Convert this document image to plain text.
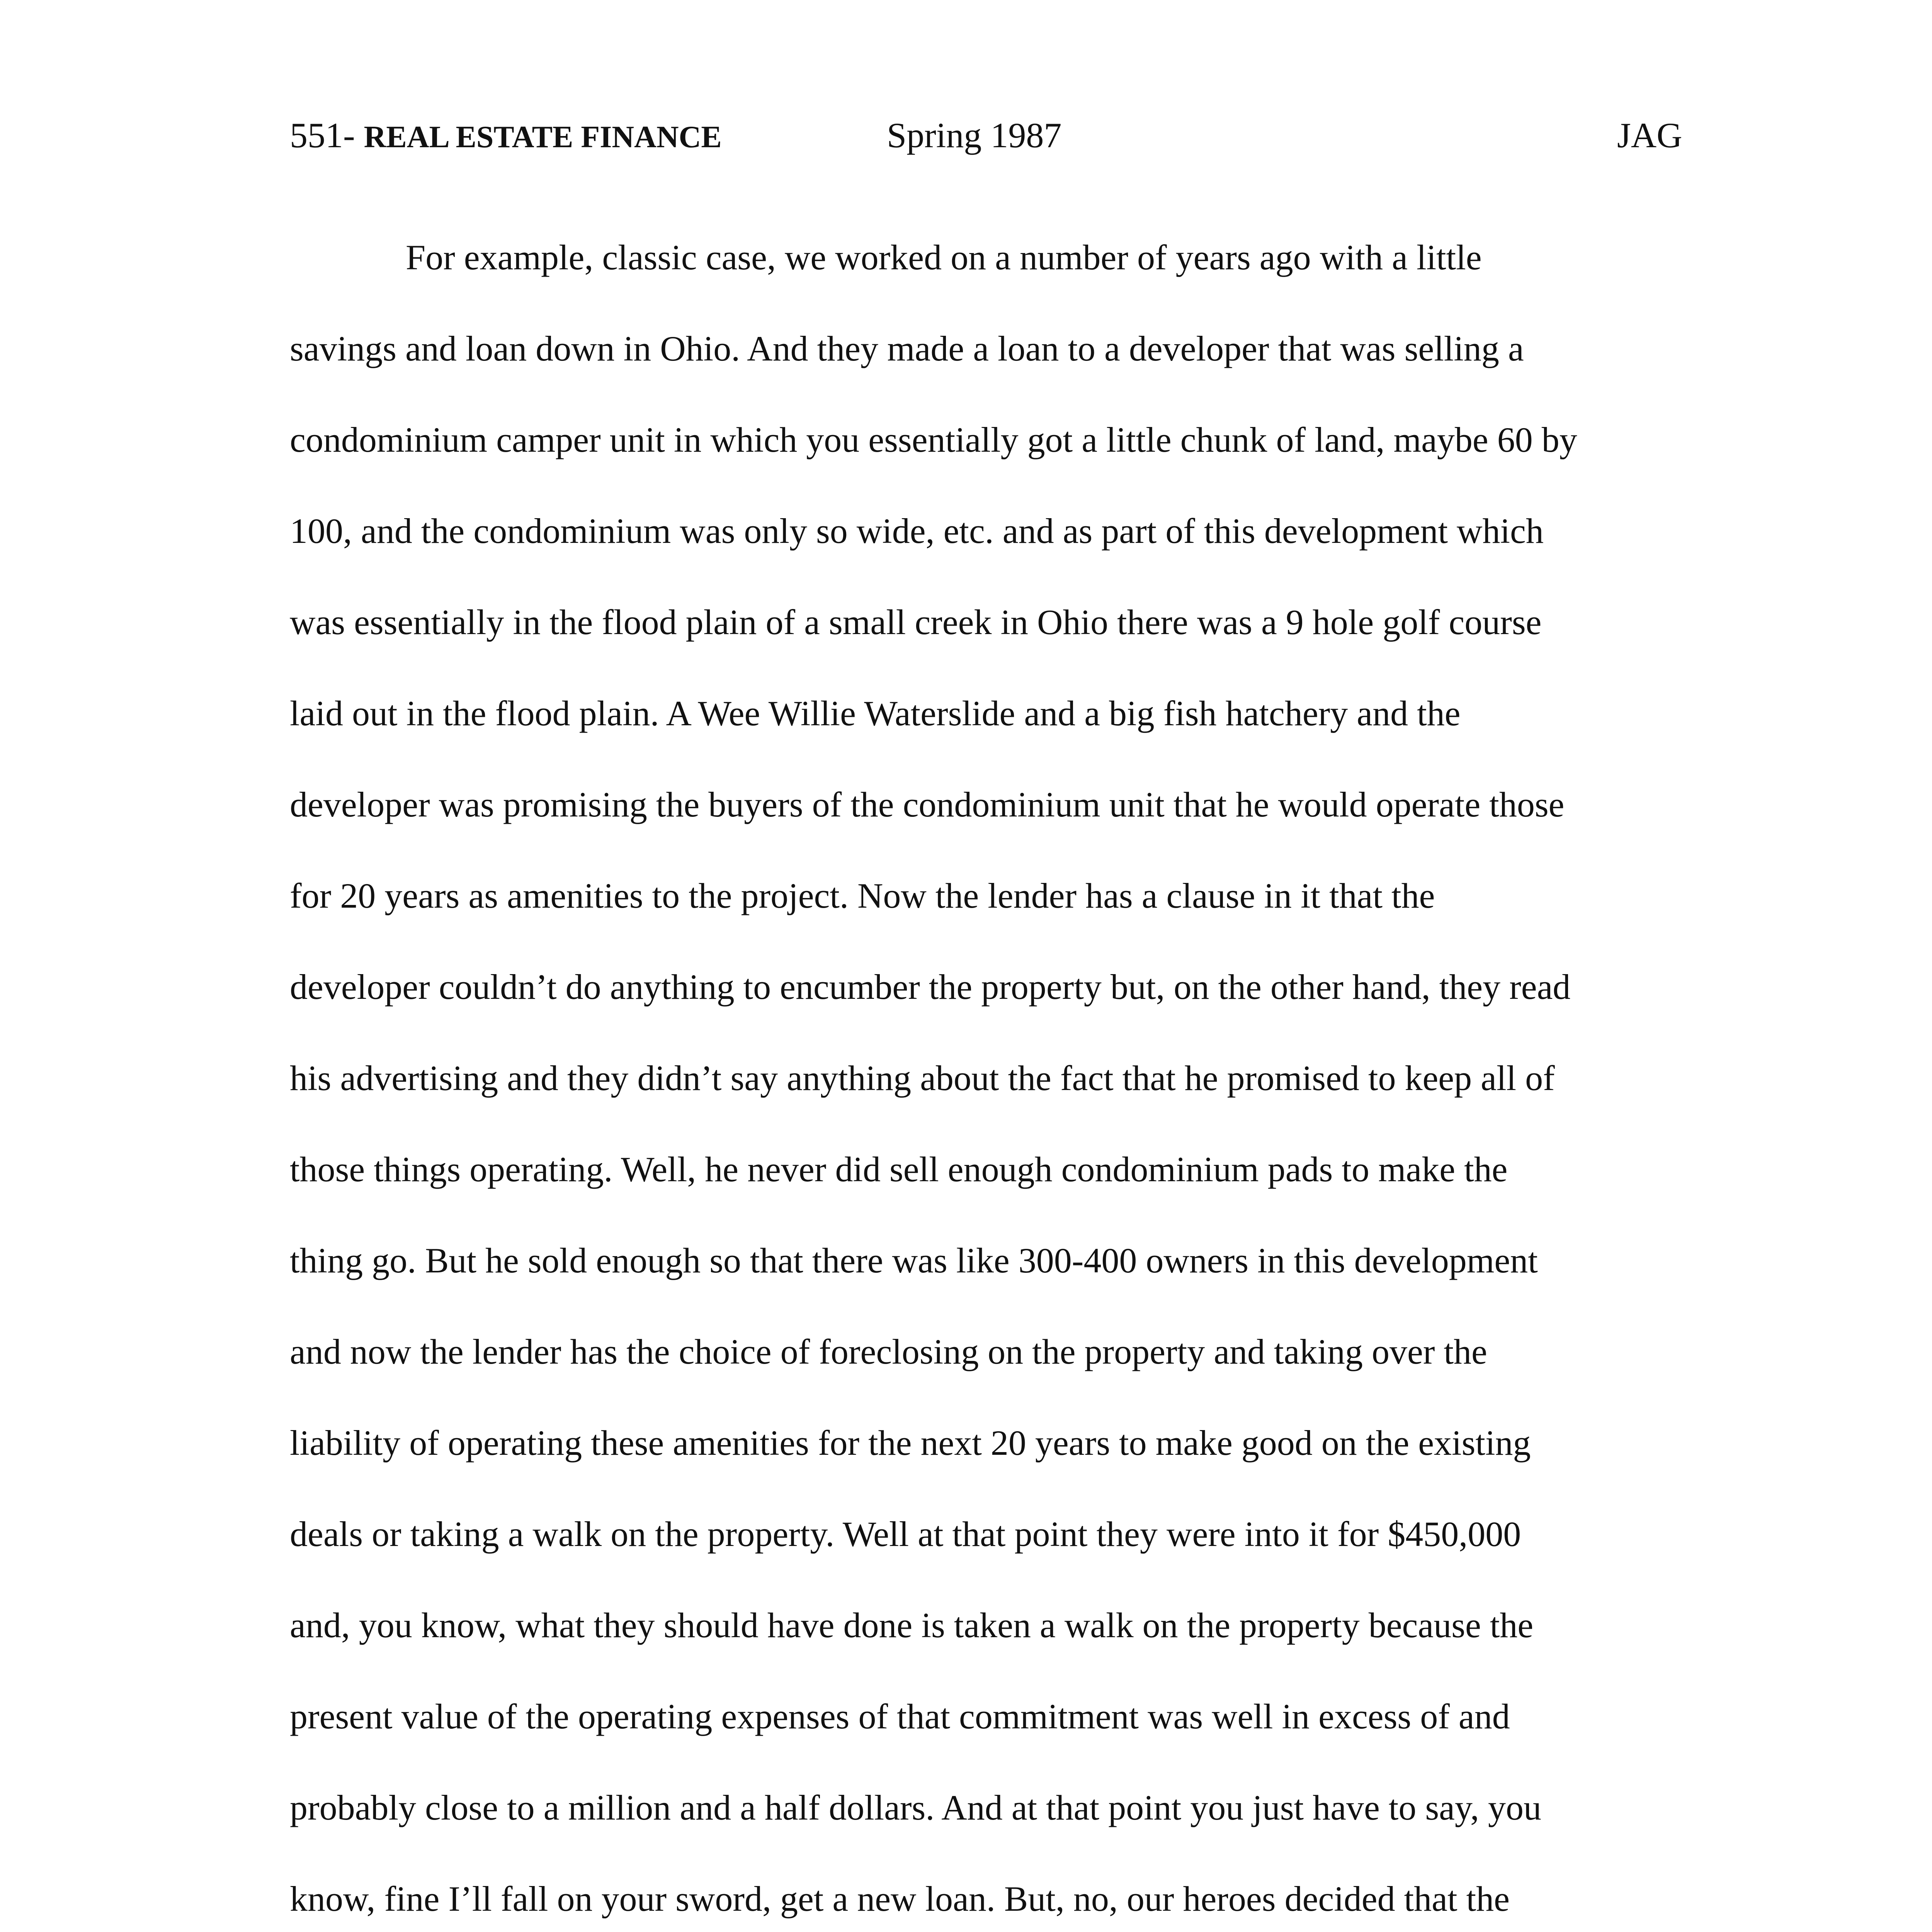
551- REAL ESTATE FINANCE	Spring 1987	JAG
For example, classic case, we worked on a number of years ago with a little
savings and loan down in Ohio. And they made a loan to a developer that was selling a
condominium camper unit in which you essentially got a little chunk of land, maybe 60 by
100, and the condominium was only so wide, etc. and as part of this development which
was essentially in the flood plain of a small creek in Ohio there was a 9 hole golf course
laid out in the flood plain. A Wee Willie Waterslide and a big fish hatchery and the
developer was promising the buyers of the condominium unit that he would operate those
for 20 years as amenities to the project. Now the lender has a clause in it that the
developer couldn’t do anything to encumber the property but, on the other hand, they read
his advertising and they didn’t say anything about the fact that he promised to keep all of
those things operating. Well, he never did sell enough condominium pads to make the
thing go. But he sold enough so that there was like 300-400 owners in this development
and now the lender has the choice of foreclosing on the property and taking over the
liability of operating these amenities for the next 20 years to make good on the existing
deals or taking a walk on the property. Well at that point they were into it for $450,000
and, you know, what they should have done is taken a walk on the property because the
present value of the operating expenses of that commitment was well in excess of and
probably close to a million and a half dollars. And at that point you just have to say, you
know, fine I’ll fall on your sword, get a new loan. But, no, our heroes decided that the
